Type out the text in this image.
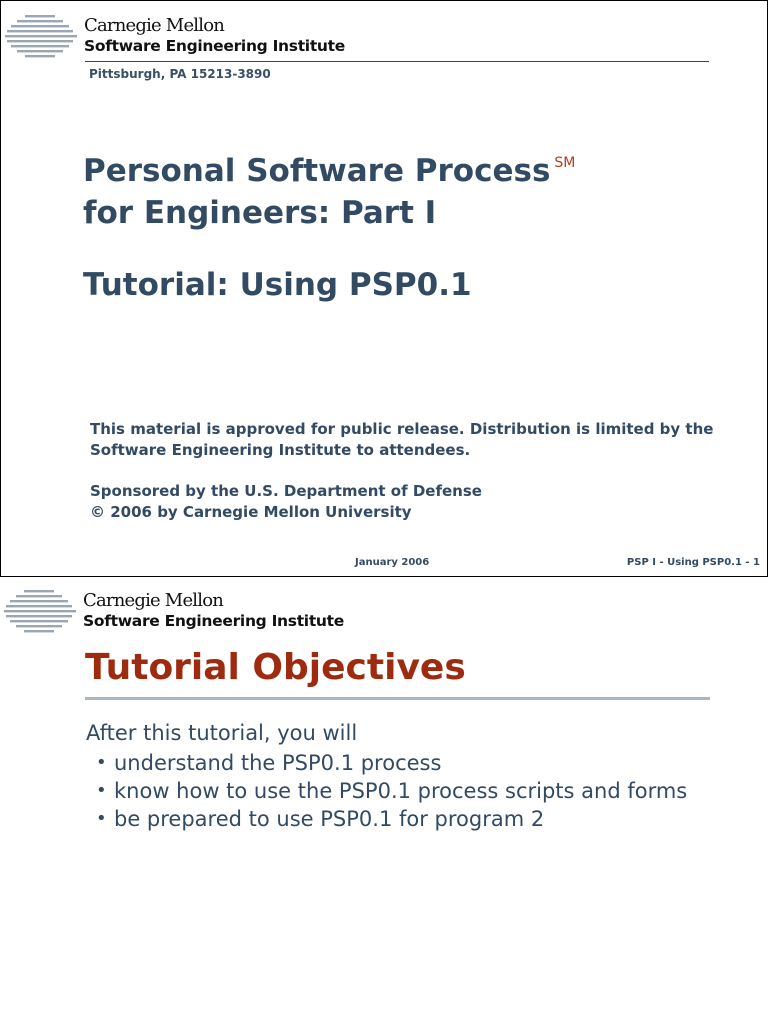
Carnegie Mellon
Software Engineering Institute
Pittsburgh, PA 15213-3890
Personal Software Process ℠
for Engineers: Part I
Tutorial: Using PSP0.1
This material is approved for public release. Distribution is limited by the
Software Engineering Institute to attendees.
Sponsored by the U.S. Department of Defense
© 2006 by Carnegie Mellon University
January 2006	PSP I - Using PSP0.1 - 1
Carnegie Mellon
Software Engineering Institute
Tutorial Objectives
After this tutorial, you will
• understand the PSP0.1 process
• know how to use the PSP0.1 process scripts and forms
• be prepared to use PSP0.1 for program 2
